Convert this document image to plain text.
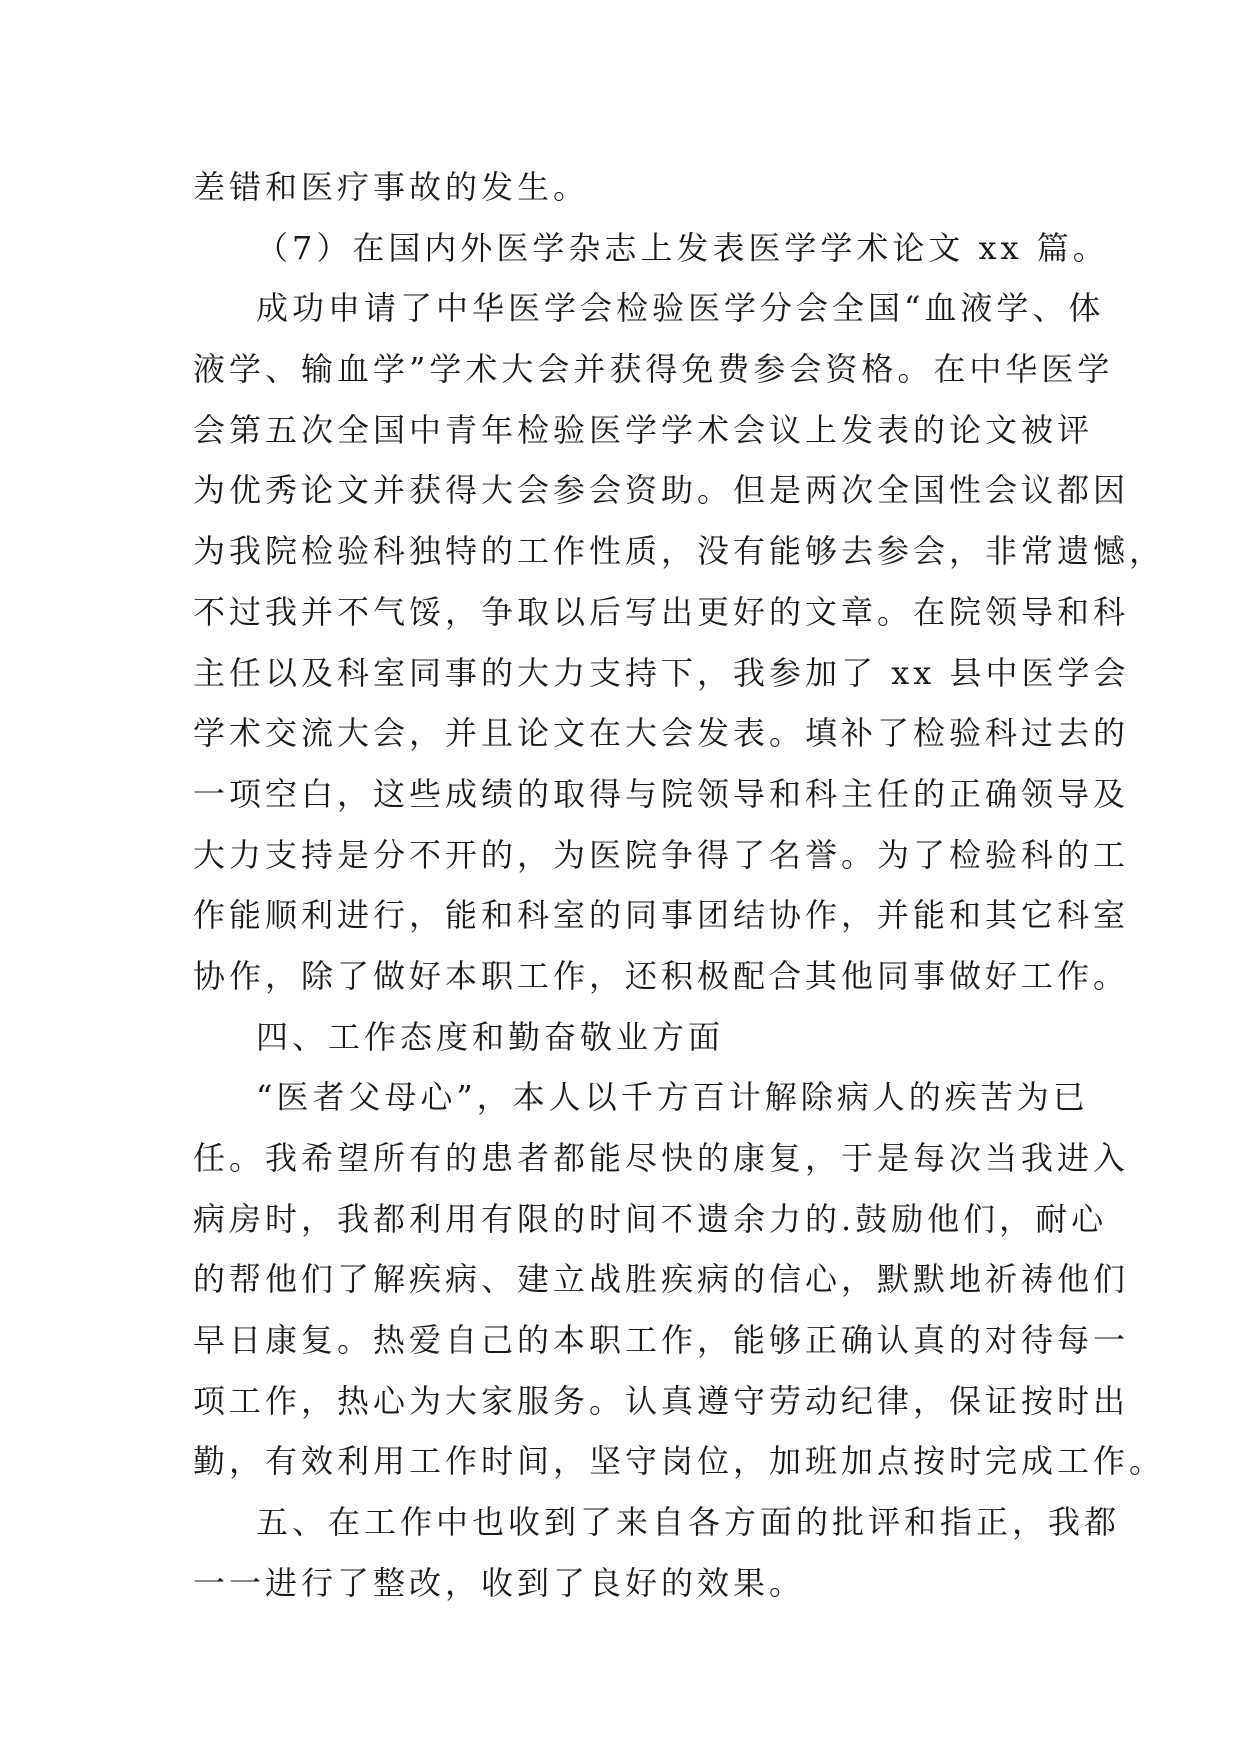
差错和医疗事故的发生。
（7）在国内外医学杂志上发表医学学术论文 xx 篇。
成功申请了中华医学会检验医学分会全国“血液学、体
液学、输血学”学术大会并获得免费参会资格。在中华医学
会第五次全国中青年检验医学学术会议上发表的论文被评
为优秀论文并获得大会参会资助。但是两次全国性会议都因
为我院检验科独特的工作性质，没有能够去参会，非常遗憾，
不过我并不气馁，争取以后写出更好的文章。在院领导和科
主任以及科室同事的大力支持下，我参加了 xx 县中医学会
学术交流大会，并且论文在大会发表。填补了检验科过去的
一项空白，这些成绩的取得与院领导和科主任的正确领导及
大力支持是分不开的，为医院争得了名誉。为了检验科的工
作能顺利进行，能和科室的同事团结协作，并能和其它科室
协作，除了做好本职工作，还积极配合其他同事做好工作。
四、工作态度和勤奋敬业方面
“医者父母心”，本人以千方百计解除病人的疾苦为已
任。我希望所有的患者都能尽快的康复，于是每次当我进入
病房时，我都利用有限的时间不遗余力的.鼓励他们，耐心
的帮他们了解疾病、建立战胜疾病的信心，默默地祈祷他们
早日康复。热爱自己的本职工作，能够正确认真的对待每一
项工作，热心为大家服务。认真遵守劳动纪律，保证按时出
勤，有效利用工作时间，坚守岗位，加班加点按时完成工作。
五、在工作中也收到了来自各方面的批评和指正，我都
一一进行了整改，收到了良好的效果。
